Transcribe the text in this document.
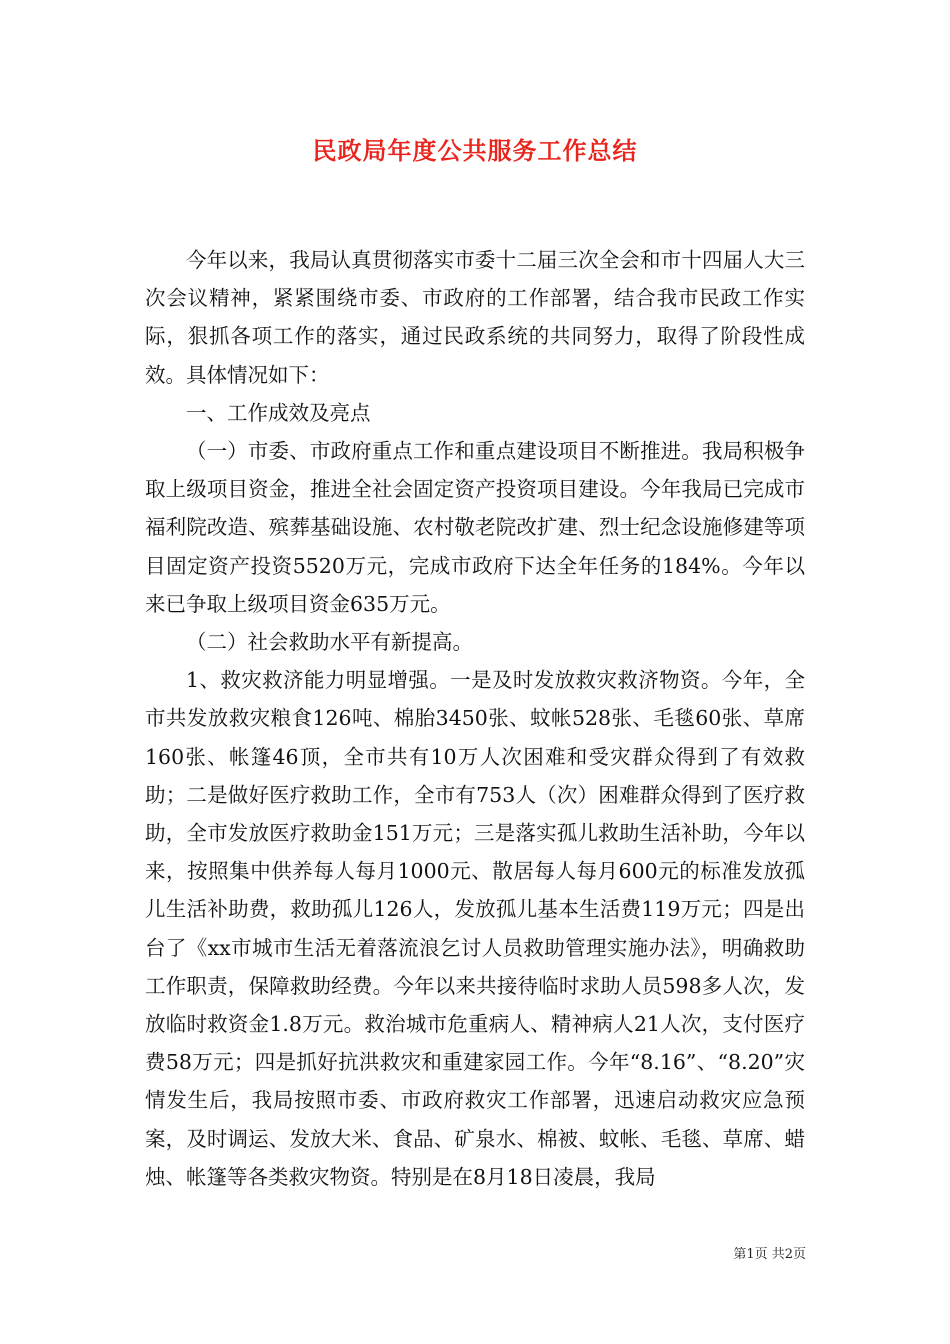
民政局年度公共服务工作总结

今年以来，我局认真贯彻落实市委十二届三次全会和市十四届人大三次会议精神，紧紧围绕市委、市政府的工作部署，结合我市民政工作实际，狠抓各项工作的落实，通过民政系统的共同努力，取得了阶段性成效。具体情况如下：

一、工作成效及亮点

（一）市委、市政府重点工作和重点建设项目不断推进。我局积极争取上级项目资金，推进全社会固定资产投资项目建设。今年我局已完成市福利院改造、殡葬基础设施、农村敬老院改扩建、烈士纪念设施修建等项目固定资产投资5520万元，完成市政府下达全年任务的184%。今年以来已争取上级项目资金635万元。

（二）社会救助水平有新提高。

1、救灾救济能力明显增强。一是及时发放救灾救济物资。今年，全市共发放救灾粮食126吨、棉胎3450张、蚊帐528张、毛毯60张、草席160张、帐篷46顶，全市共有10万人次困难和受灾群众得到了有效救助；二是做好医疗救助工作，全市有753人（次）困难群众得到了医疗救助，全市发放医疗救助金151万元；三是落实孤儿救助生活补助，今年以来，按照集中供养每人每月1000元、散居每人每月600元的标准发放孤儿生活补助费，救助孤儿126人，发放孤儿基本生活费119万元；四是出台了《xx市城市生活无着落流浪乞讨人员救助管理实施办法》，明确救助工作职责，保障救助经费。今年以来共接待临时求助人员598多人次，发放临时救资金1.8万元。救治城市危重病人、精神病人21人次，支付医疗费58万元；四是抓好抗洪救灾和重建家园工作。今年“8.16”、“8.20”灾情发生后，我局按照市委、市政府救灾工作部署，迅速启动救灾应急预案，及时调运、发放大米、食品、矿泉水、棉被、蚊帐、毛毯、草席、蜡烛、帐篷等各类救灾物资。特别是在8月18日凌晨，我局

第1页 共2页
